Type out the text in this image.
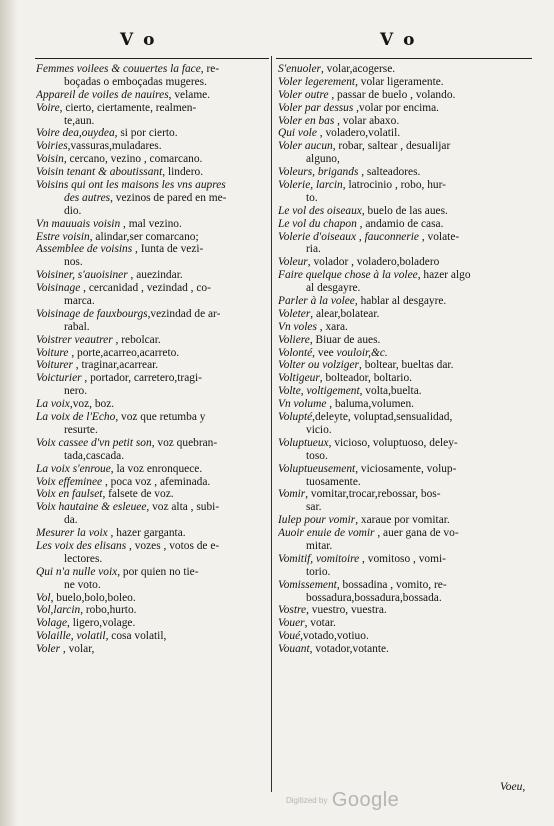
V o	V o
Femmes voilees & couuertes la face, re-
boçadas o emboçadas mugeres.
Appareil de voiles de nauires, velame.
Voire, cierto, ciertamente, realmen-
te,aun.
Voire dea,ouydea, si por cierto.
Voiries,vassuras,muladares.
Voisin, cercano, vezino , comarcano.
Voisin tenant & aboutissant, lindero.
Voisins qui ont les maisons les vns aupres
des autres, vezinos de pared en me-
dio.
Vn mauuais voisin , mal vezino.
Estre voisin, alindar,ser comarcano;
Assemblee de voisins , Iunta de vezi-
nos.
Voisiner, s'auoisiner , auezindar.
Voisinage , cercanidad , vezindad , co-
marca.
Voisinage de fauxbourgs,vezindad de ar-
rabal.
Voistrer veautrer , rebolcar.
Voiture , porte,acarreo,acarreto.
Voiturer , traginar,acarrear.
Voicturier , portador, carretero,tragi-
nero.
La voix,voz, boz.
La voix de l'Echo, voz que retumba y
resurte.
Voix cassee d'vn petit son, voz quebran-
tada,cascada.
La voix s'enroue, la voz enronquece.
Voix effeminee , poca voz , afeminada.
Voix en faulset, falsete de voz.
Voix hautaine & esleuee, voz alta , subi-
da.
Mesurer la voix , hazer garganta.
Les voix des elisans , vozes , votos de e-
lectores.
Qui n'a nulle voix, por quien no tie-
ne voto.
Vol, buelo,bolo,boleo.
Vol,larcin, robo,hurto.
Volage, ligero,volage.
Volaille, volatil, cosa volatil,
Voler , volar,
S'enuoler, volar,acogerse.
Voler legerement, volar ligeramente.
Voler outre , passar de buelo , volando.
Voler par dessus ,volar por encima.
Voler en bas , volar abaxo.
Qui vole , voladero,volatil.
Voler aucun, robar, saltear , desualijar
alguno,
Voleurs, brigands , salteadores.
Volerie, larcin, latrocinio , robo, hur-
to.
Le vol des oiseaux, buelo de las aues.
Le vol du chapon , andamio de casa.
Volerie d'oiseaux , fauconnerie , volate-
ria.
Voleur, volador , voladero,boladero
Faire quelque chose à la volee, hazer algo
al desgayre.
Parler à la volee, hablar al desgayre.
Voleter, alear,bolatear.
Vn voles , xara.
Voliere, Biuar de aues.
Volonté, vee vouloir,&c.
Volter ou volziger, boltear, bueltas dar.
Voltigeur, bolteador, boltario.
Volte, voltigement, volta,buelta.
Vn volume , baluma,volumen.
Volupté,deleyte, voluptad,sensualidad,
vicio.
Voluptueux, vicioso, voluptuoso, deley-
toso.
Voluptueusement, viciosamente, volup-
tuosamente.
Vomir, vomitar,trocar,rebossar, bos-
sar.
Iulep pour vomir, xaraue por vomitar.
Auoir enuie de vomir , auer gana de vo-
mitar.
Vomitif, vomitoire , vomitoso , vomi-
torio.
Vomissement, bossadina , vomito, re-
bossadura,bossadura,bossada.
Vostre, vuestro, vuestra.
Vouer, votar.
Voué,votado,votiuo.
Vouant, votador,votante.
Voeu,
Digitized by Google
